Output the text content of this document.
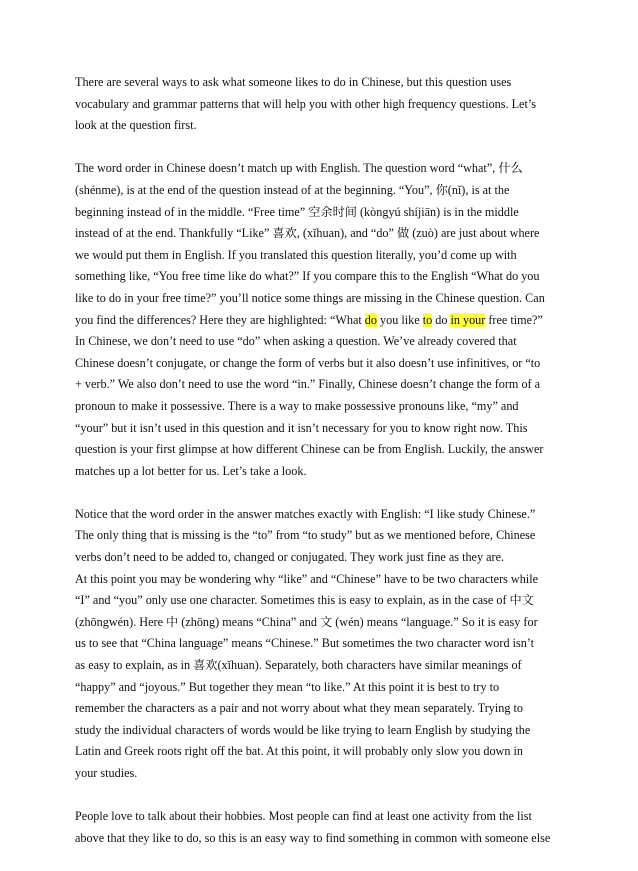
There are several ways to ask what someone likes to do in Chinese, but this question uses
vocabulary and grammar patterns that will help you with other high frequency questions. Let’s
look at the question first.

The word order in Chinese doesn’t match up with English. The question word “what”, 什么
(shénme), is at the end of the question instead of at the beginning. “You”, 你(nǐ), is at the
beginning instead of in the middle. “Free time” 空余时间 (kòngyú shíjiān) is in the middle
instead of at the end. Thankfully “Like” 喜欢, (xǐhuan), and “do” 做 (zuò) are just about where
we would put them in English. If you translated this question literally, you’d come up with
something like, “You free time like do what?” If you compare this to the English “What do you
like to do in your free time?” you’ll notice some things are missing in the Chinese question. Can
you find the differences? Here they are highlighted: “What do you like to do in your free time?”
In Chinese, we don’t need to use “do” when asking a question. We’ve already covered that
Chinese doesn’t conjugate, or change the form of verbs but it also doesn’t use infinitives, or “to
+ verb.” We also don’t need to use the word “in.” Finally, Chinese doesn’t change the form of a
pronoun to make it possessive. There is a way to make possessive pronouns like, “my” and
“your” but it isn’t used in this question and it isn’t necessary for you to know right now. This
question is your first glimpse at how different Chinese can be from English. Luckily, the answer
matches up a lot better for us. Let’s take a look.

Notice that the word order in the answer matches exactly with English: “I like study Chinese.”
The only thing that is missing is the “to” from “to study” but as we mentioned before, Chinese
verbs don’t need to be added to, changed or conjugated. They work just fine as they are.
At this point you may be wondering why “like” and “Chinese” have to be two characters while
“I” and “you” only use one character. Sometimes this is easy to explain, as in the case of 中文
(zhōngwén). Here 中 (zhōng) means “China” and 文 (wén) means “language.” So it is easy for
us to see that “China language” means “Chinese.” But sometimes the two character word isn’t
as easy to explain, as in 喜欢(xǐhuan). Separately, both characters have similar meanings of
“happy” and “joyous.” But together they mean “to like.” At this point it is best to try to
remember the characters as a pair and not worry about what they mean separately. Trying to
study the individual characters of words would be like trying to learn English by studying the
Latin and Greek roots right off the bat. At this point, it will probably only slow you down in
your studies.

People love to talk about their hobbies. Most people can find at least one activity from the list
above that they like to do, so this is an easy way to find something in common with someone else
